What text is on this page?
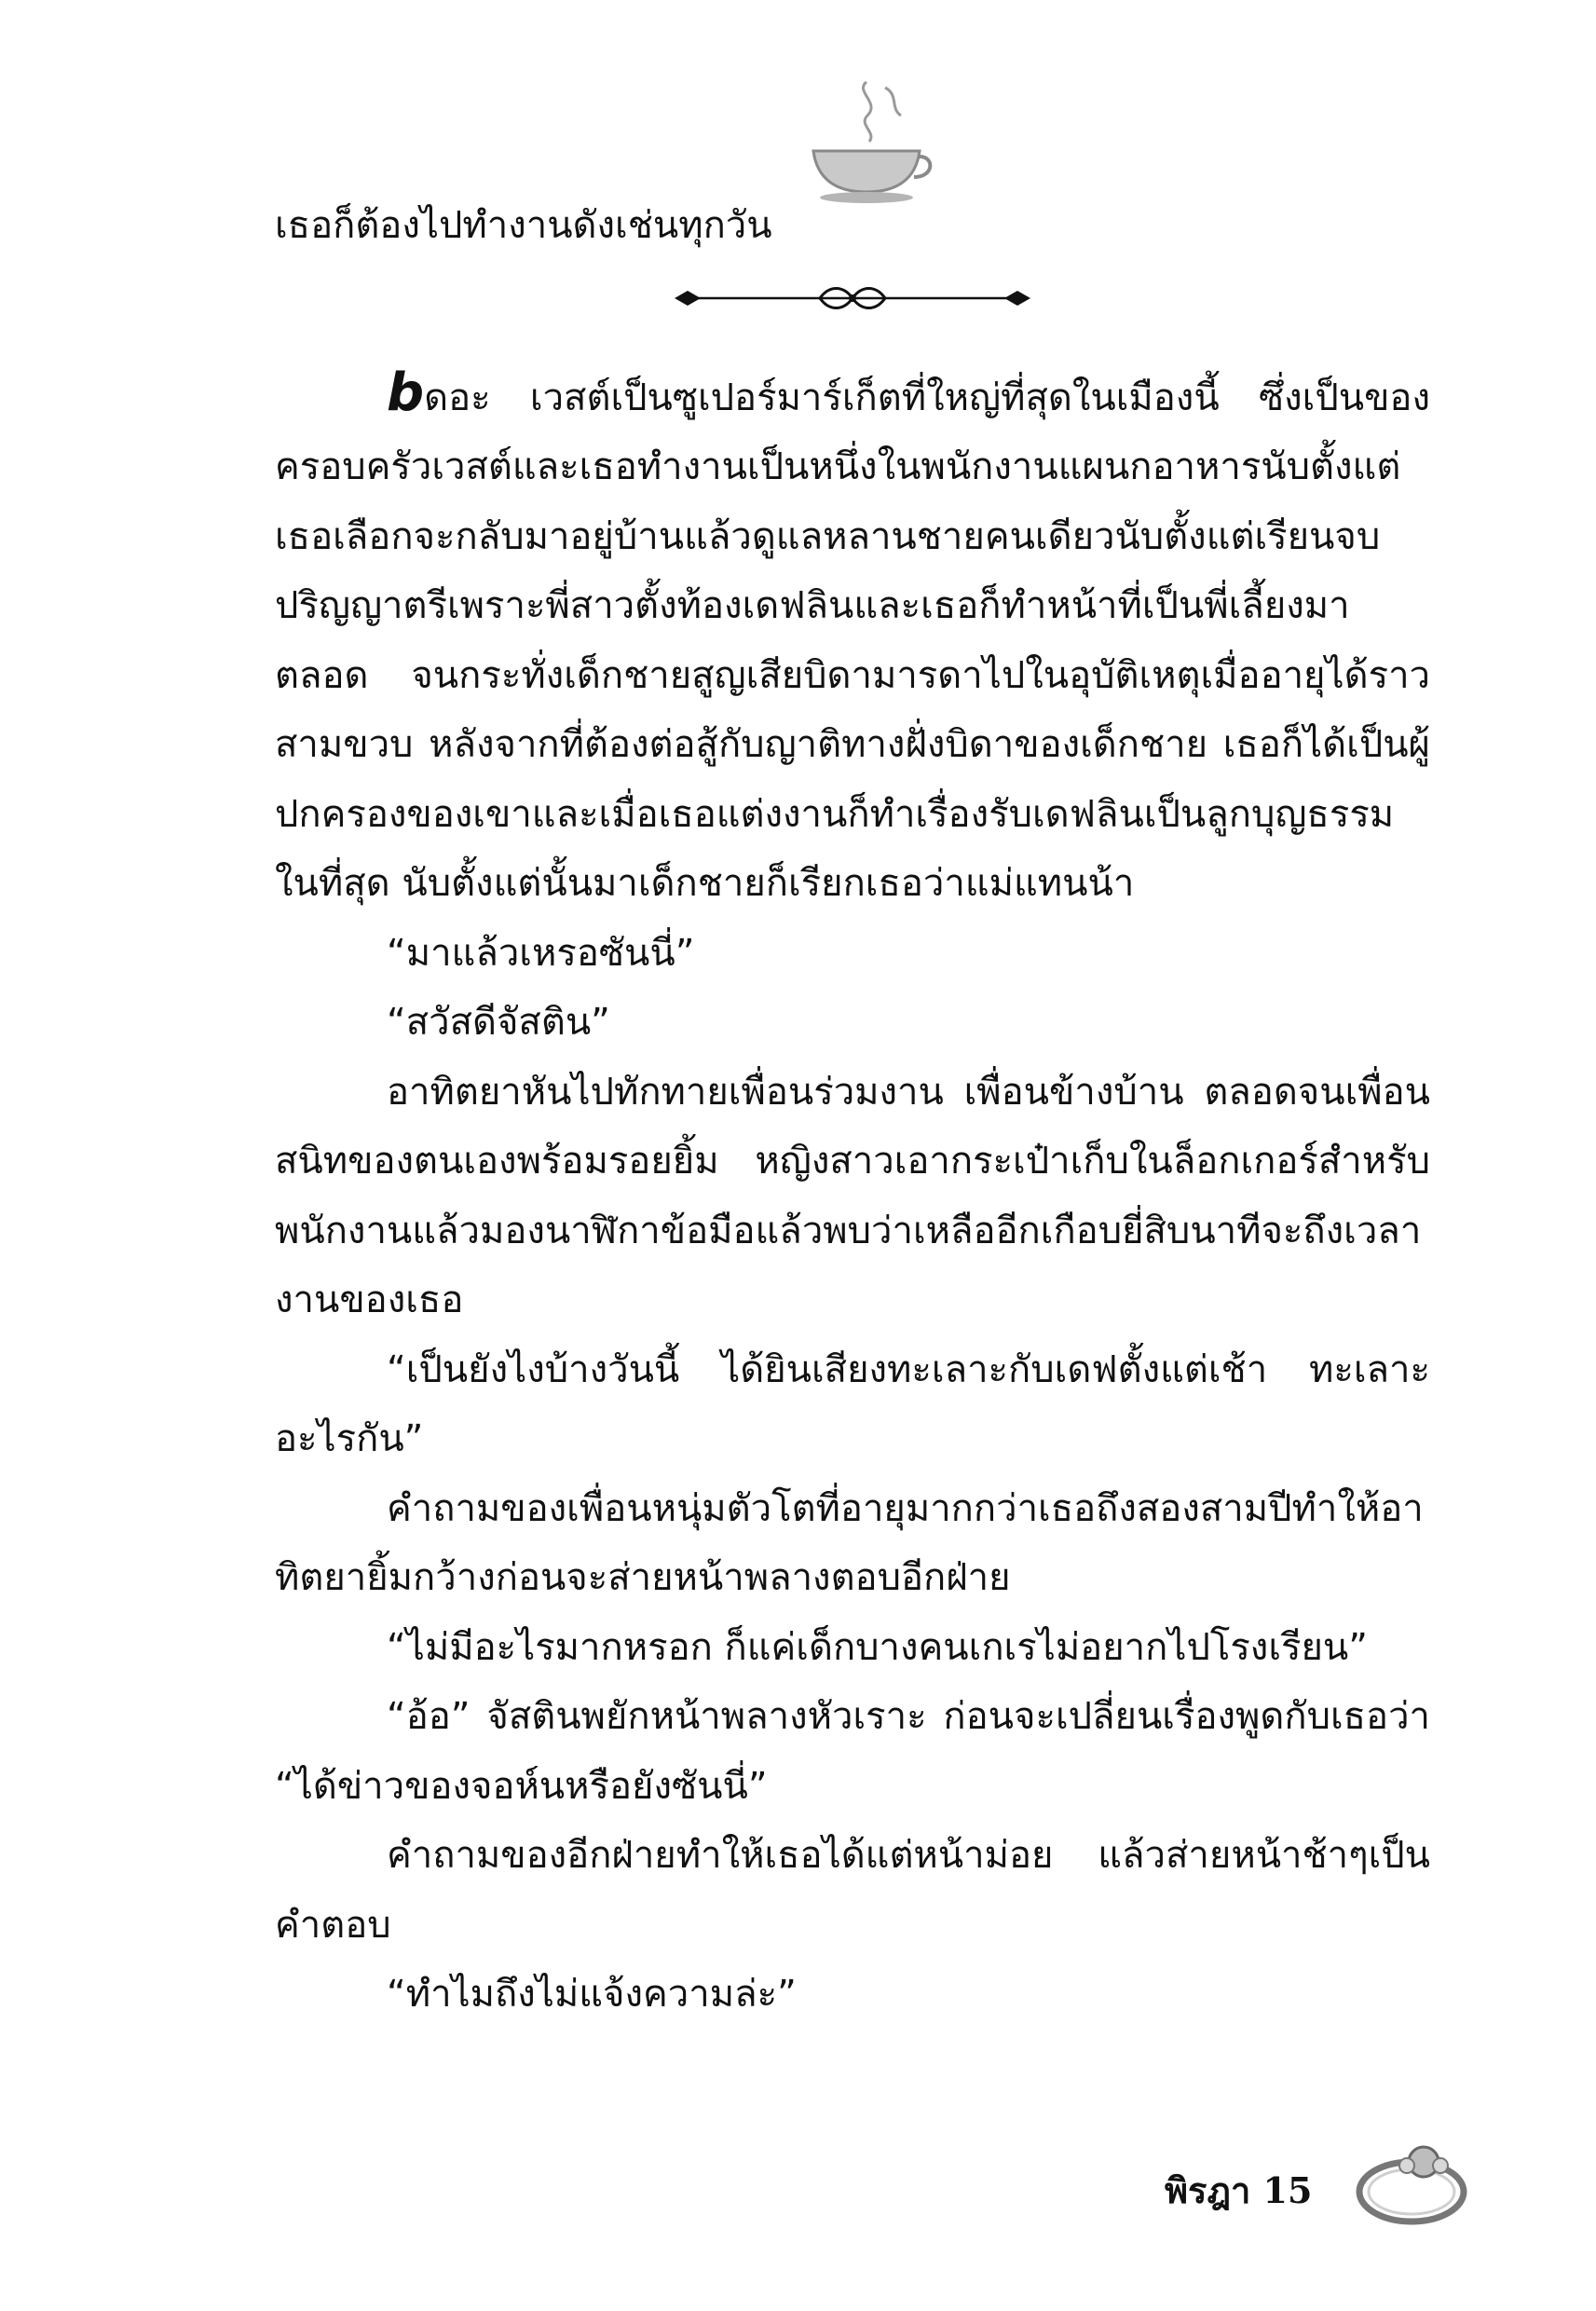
เธอก็ต้องไปทำงานดังเช่นทุกวัน

bดอะ เวสต์เป็นซูเปอร์มาร์เก็ตที่ใหญ่ที่สุดในเมืองนี้ ซึ่งเป็นของครอบครัวเวสต์และเธอทำงานเป็นหนึ่งในพนักงานแผนกอาหารนับตั้งแต่เธอเลือกจะกลับมาอยู่บ้านแล้วดูแลหลานชายคนเดียวนับตั้งแต่เรียนจบปริญญาตรีเพราะพี่สาวตั้งท้องเดฟลินและเธอก็ทำหน้าที่เป็นพี่เลี้ยงมาตลอด จนกระทั่งเด็กชายสูญเสียบิดามารดาไปในอุบัติเหตุเมื่ออายุได้ราวสามขวบ หลังจากที่ต้องต่อสู้กับญาติทางฝั่งบิดาของเด็กชาย เธอก็ได้เป็นผู้ปกครองของเขาและเมื่อเธอแต่งงานก็ทำเรื่องรับเดฟลินเป็นลูกบุญธรรมในที่สุด นับตั้งแต่นั้นมาเด็กชายก็เรียกเธอว่าแม่แทนน้า

“มาแล้วเหรอซันนี่”

“สวัสดีจัสติน”

อาทิตยาหันไปทักทายเพื่อนร่วมงาน เพื่อนข้างบ้าน ตลอดจนเพื่อนสนิทของตนเองพร้อมรอยยิ้ม หญิงสาวเอากระเป๋าเก็บในล็อกเกอร์สำหรับพนักงานแล้วมองนาฬิกาข้อมือแล้วพบว่าเหลืออีกเกือบยี่สิบนาทีจะถึงเวลางานของเธอ

“เป็นยังไงบ้างวันนี้ ได้ยินเสียงทะเลาะกับเดฟตั้งแต่เช้า ทะเลาะอะไรกัน”

คำถามของเพื่อนหนุ่มตัวโตที่อายุมากกว่าเธอถึงสองสามปีทำให้อาทิตยายิ้มกว้างก่อนจะส่ายหน้าพลางตอบอีกฝ่าย

“ไม่มีอะไรมากหรอก ก็แค่เด็กบางคนเกเรไม่อยากไปโรงเรียน”

“อ้อ” จัสตินพยักหน้าพลางหัวเราะ ก่อนจะเปลี่ยนเรื่องพูดกับเธอว่า “ได้ข่าวของจอห์นหรือยังซันนี่”

คำถามของอีกฝ่ายทำให้เธอได้แต่หน้าม่อย แล้วส่ายหน้าช้าๆเป็นคำตอบ

“ทำไมถึงไม่แจ้งความล่ะ”

พิรฎา 15
